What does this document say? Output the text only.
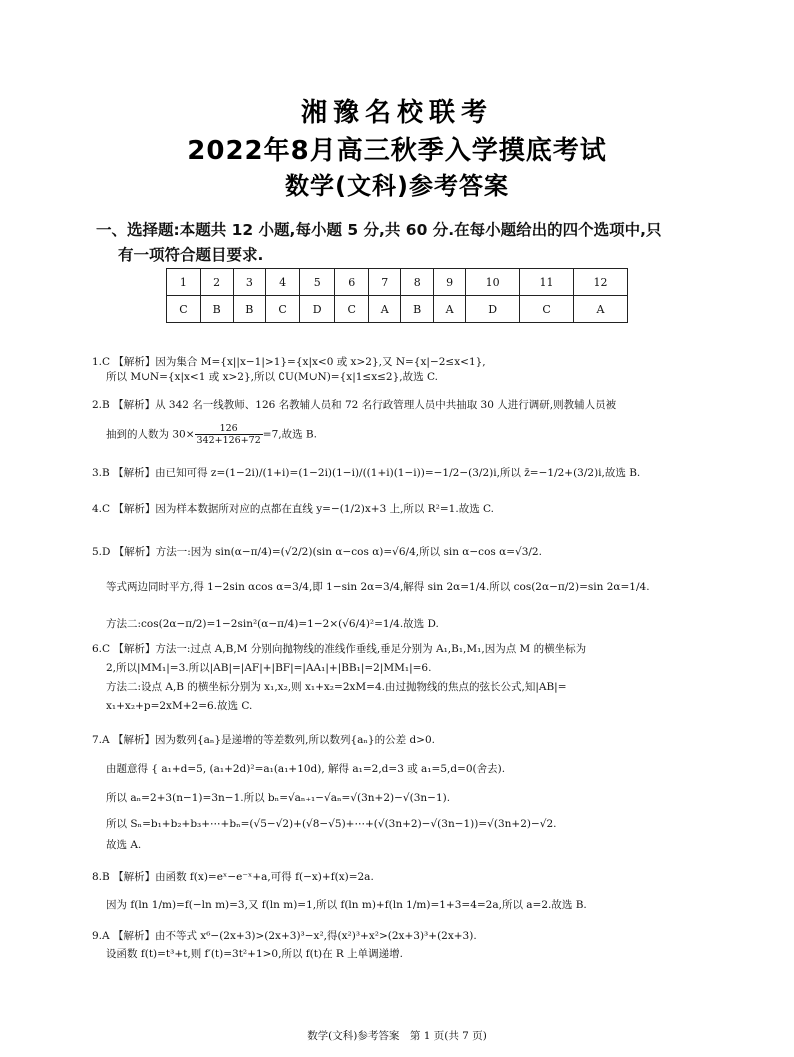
湘豫名校联考
2022年8月高三秋季入学摸底考试
数学(文科)参考答案
一、选择题:本题共 12 小题,每小题 5 分,共 60 分.在每小题给出的四个选项中,只
有一项符合题目要求.
1	2	3	4	5	6	7	8	9	10	11	12
C	B	B	C	D	C	A	B	A	D	C	A
1.C 【解析】因为集合 M={x||x−1|>1}={x|x<0 或 x>2},又 N={x|−2≤x<1},
所以 M∪N={x|x<1 或 x>2},所以 ∁U(M∪N)={x|1≤x≤2},故选 C.
2.B 【解析】从 342 名一线教师、126 名教辅人员和 72 名行政管理人员中共抽取 30 人进行调研,则教辅人员被
抽到的人数为 $30\times \frac{126}{342+126+72} =7$,故选 B.
3.B 【解析】由已知可得 z=(1−2i)/(1+i)=(1−2i)(1−i)/((1+i)(1−i))=−1/2−(3/2)i,所以 z̄=−1/2+(3/2)i,故选 B.
4.C 【解析】因为样本数据所对应的点都在直线 y=−(1/2)x+3 上,所以 R²=1.故选 C.
5.D 【解析】方法一:因为 sin(α−π/4)=(√2/2)(sin α−cos α)=√6/4,所以 sin α−cos α=√3/2.
等式两边同时平方,得 1−2sin αcos α=3/4,即 1−sin 2α=3/4,解得 sin 2α=1/4.所以 cos(2α−π/2)=sin 2α=1/4.
方法二:cos(2α−π/2)=1−2sin²(α−π/4)=1−2×(√6/4)²=1/4.故选 D.
6.C 【解析】方法一:过点 A,B,M 分别向抛物线的准线作垂线,垂足分别为 A₁,B₁,M₁,因为点 M 的横坐标为
2,所以|MM₁|=3.所以|AB|=|AF|+|BF|=|AA₁|+|BB₁|=2|MM₁|=6.
方法二:设点 A,B 的横坐标分别为 x₁,x₂,则 x₁+x₂=2xM=4.由过抛物线的焦点的弦长公式,知|AB|=
x₁+x₂+p=2xM+2=6.故选 C.
7.A 【解析】因为数列{aₙ}是递增的等差数列,所以数列{aₙ}的公差 d>0.
由题意得 { a₁+d=5, (a₁+2d)²=a₁(a₁+10d), 解得 a₁=2,d=3 或 a₁=5,d=0(舍去).
所以 aₙ=2+3(n−1)=3n−1.所以 bₙ=√aₙ₊₁−√aₙ=√(3n+2)−√(3n−1).
所以 Sₙ=b₁+b₂+b₃+⋯+bₙ=(√5−√2)+(√8−√5)+⋯+(√(3n+2)−√(3n−1))=√(3n+2)−√2.
故选 A.
8.B 【解析】由函数 f(x)=eˣ−e⁻ˣ+a,可得 f(−x)+f(x)=2a.
因为 f(ln 1/m)=f(−ln m)=3,又 f(ln m)=1,所以 f(ln m)+f(ln 1/m)=1+3=4=2a,所以 a=2.故选 B.
9.A 【解析】由不等式 x⁶−(2x+3)>(2x+3)³−x²,得(x²)³+x²>(2x+3)³+(2x+3).
设函数 f(t)=t³+t,则 f′(t)=3t²+1>0,所以 f(t)在 R 上单调递增.
数学(文科)参考答案　第 1 页(共 7 页)
